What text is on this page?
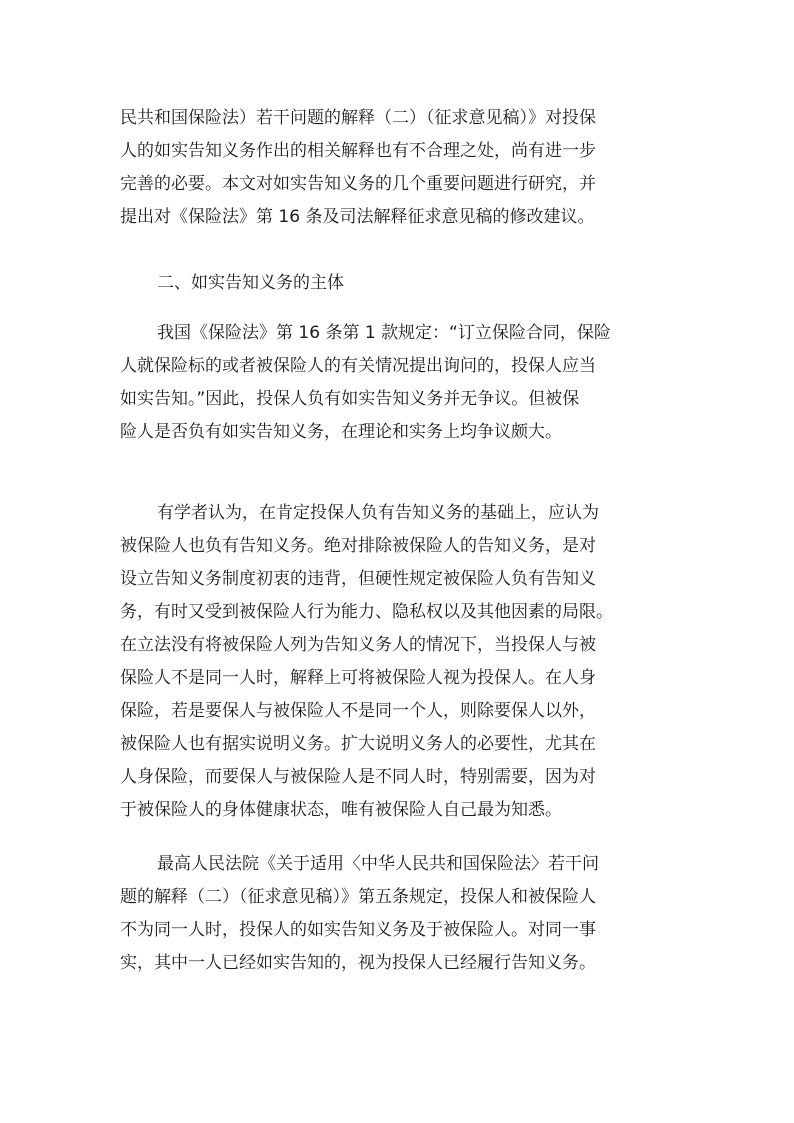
民共和国保险法）若干问题的解释（二）（征求意见稿）》对投保
人的如实告知义务作出的相关解释也有不合理之处，尚有进一步
完善的必要。本文对如实告知义务的几个重要问题进行研究，并
提出对《保险法》第 16 条及司法解释征求意见稿的修改建议。
二、如实告知义务的主体
我国《保险法》第 16 条第 1 款规定：“订立保险合同，保险
人就保险标的或者被保险人的有关情况提出询问的，投保人应当
如实告知。”因此，投保人负有如实告知义务并无争议。但被保
险人是否负有如实告知义务，在理论和实务上均争议颇大。
有学者认为，在肯定投保人负有告知义务的基础上，应认为
被保险人也负有告知义务。绝对排除被保险人的告知义务，是对
设立告知义务制度初衷的违背，但硬性规定被保险人负有告知义
务，有时又受到被保险人行为能力、隐私权以及其他因素的局限。
在立法没有将被保险人列为告知义务人的情况下，当投保人与被
保险人不是同一人时，解释上可将被保险人视为投保人。在人身
保险，若是要保人与被保险人不是同一个人，则除要保人以外，
被保险人也有据实说明义务。扩大说明义务人的必要性，尤其在
人身保险，而要保人与被保险人是不同人时，特别需要，因为对
于被保险人的身体健康状态，唯有被保险人自己最为知悉。
最高人民法院《关于适用〈中华人民共和国保险法〉若干问
题的解释（二）（征求意见稿）》第五条规定，投保人和被保险人
不为同一人时，投保人的如实告知义务及于被保险人。对同一事
实，其中一人已经如实告知的，视为投保人已经履行告知义务。
